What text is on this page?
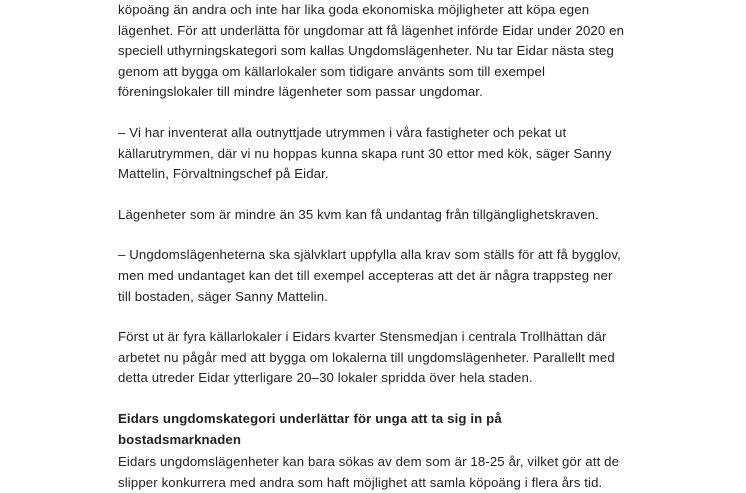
köpoäng än andra och inte har lika goda ekonomiska möjligheter att köpa egen lägenhet. För att underlätta för ungdomar att få lägenhet införde Eidar under 2020 en speciell uthyrningskategori som kallas Ungdomslägenheter. Nu tar Eidar nästa steg genom att bygga om källarlokaler som tidigare använts som till exempel föreningslokaler till mindre lägenheter som passar ungdomar.

– Vi har inventerat alla outnyttjade utrymmen i våra fastigheter och pekat ut källarutrymmen, där vi nu hoppas kunna skapa runt 30 ettor med kök, säger Sanny Mattelin, Förvaltningschef på Eidar.

Lägenheter som är mindre än 35 kvm kan få undantag från tillgänglighetskraven.

– Ungdomslägenheterna ska självklart uppfylla alla krav som ställs för att få bygglov, men med undantaget kan det till exempel accepteras att det är några trappsteg ner till bostaden, säger Sanny Mattelin.

Först ut är fyra källarlokaler i Eidars kvarter Stensmedjan i centrala Trollhättan där arbetet nu pågår med att bygga om lokalerna till ungdomslägenheter. Parallellt med detta utreder Eidar ytterligare 20–30 lokaler spridda över hela staden.

Eidars ungdomskategori underlättar för unga att ta sig in på bostadsmarknaden

Eidars ungdomslägenheter kan bara sökas av dem som är 18-25 år, vilket gör att de slipper konkurrera med andra som haft möjlighet att samla köpoäng i flera års tid.
